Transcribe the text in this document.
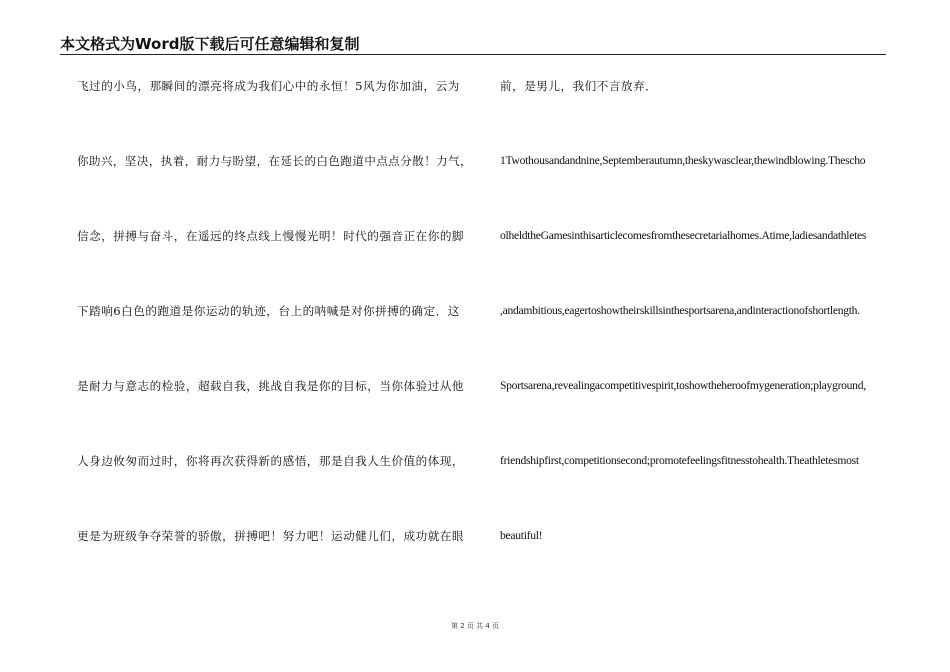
本文格式为Word版下载后可任意编辑和复制
飞过的小鸟，那瞬间的漂亮将成为我们心中的永恒！5风为你加油，云为
你助兴，坚决，执着，耐力与盼望，在延长的白色跑道中点点分散！力气，
信念，拼搏与奋斗，在遥远的终点线上慢慢光明！时代的强音正在你的脚
下踏响6白色的跑道是你运动的轨迹，台上的呐喊是对你拼搏的确定．这
是耐力与意志的检验，超载自我，挑战自我是你的目标，当你体验过从他
人身边攸匆而过时，你将再次获得新的感悟，那是自我人生价值的体现，
更是为班级争夺荣誉的骄傲，拼搏吧！努力吧！运动健儿们，成功就在眼
前，是男儿，我们不言放弃．
1Twothousandandnine,Septemberautumn,theskywasclear,thewindblowing.Thescho
olheldtheGamesinthisarticlecomesfromthesecretarialhomes.Atime,ladiesandathletes
,andambitious,eagertoshowtheirskillsinthesportsarena,andinteractionofshortlength.
Sportsarena,revealingacompetitivespirit,toshowtheheroofmygeneration;playground,
friendshipfirst,competitionsecond;promotefeelingsfitnesstohealth.Theathletesmost
beautiful!
第 2 页 共 4 页
